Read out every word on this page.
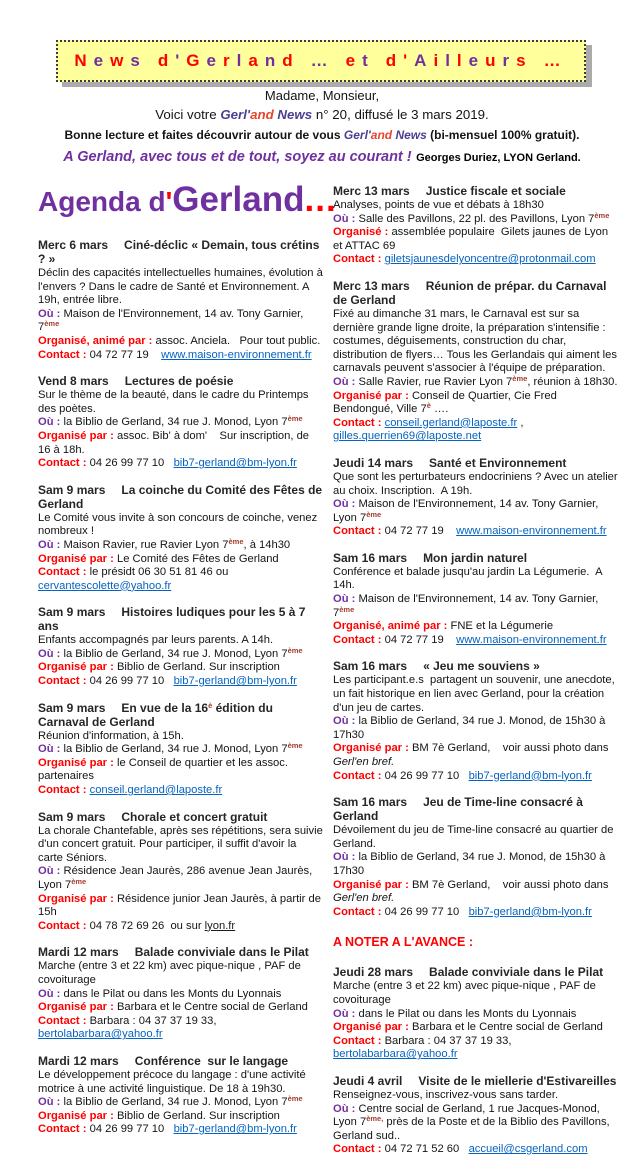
N e w s d ' G e r l a n d … e t d ' A i l l e u r s …
Madame, Monsieur,
Voici votre Gerl'and News n° 20, diffusé le 3 mars 2019.
Bonne lecture et faites découvrir autour de vous Gerl'and News (bi-mensuel 100% gratuit).
A Gerland, avec tous et de tout, soyez au courant ! Georges Duriez, LYON Gerland.
Agenda d'Gerland...
Merc 6 mars Ciné-déclic « Demain, tous crétins ? »
Déclin des capacités intellectuelles humaines, évolution à l'envers ? Dans le cadre de Santé et Environnement. A 19h, entrée libre.
Où : Maison de l'Environnement, 14 av. Tony Garnier, 7ème
Organisé, animé par : assoc. Anciela.   Pour tout public.
Contact : 04 72 77 19    www.maison-environnement.fr
Vend 8 mars Lectures de poésie
Sur le thème de la beauté, dans le cadre du Printemps des poètes.
Où : la Biblio de Gerland, 34 rue J. Monod, Lyon 7ème
Organisé par : assoc. Bib' à dom'    Sur inscription, de 16 à 18h.
Contact : 04 26 99 77 10   bib7-gerland@bm-lyon.fr
Sam 9 mars La coinche du Comité des Fêtes de Gerland
Le Comité vous invite à son concours de coinche, venez nombreux !
Où : Maison Ravier, rue Ravier Lyon 7ème, à 14h30
Organisé par : Le Comité des Fêtes de Gerland
Contact : le présidt 06 30 51 81 46 ou cervantescolette@yahoo.fr
Sam 9 mars Histoires ludiques pour les 5 à 7 ans
Enfants accompagnés par leurs parents. A 14h.
Où : la Biblio de Gerland, 34 rue J. Monod, Lyon 7ème
Organisé par : Biblio de Gerland. Sur inscription
Contact : 04 26 99 77 10   bib7-gerland@bm-lyon.fr
Sam 9 mars En vue de la $16^è$ édition du Carnaval de Gerland
Réunion d'information, à 15h.
Où : la Biblio de Gerland, 34 rue J. Monod, Lyon 7ème
Organisé par : le Conseil de quartier et les assoc. partenaires
Contact : conseil.gerland@laposte.fr
Sam 9 mars Chorale et concert gratuit
La chorale Chantefable, après ses répétitions, sera suivie d'un concert gratuit. Pour participer, il suffit d'avoir la carte Séniors.
Où : Résidence Jean Jaurès, 286 avenue Jean Jaurès, Lyon 7ème
Organisé par : Résidence junior Jean Jaurès, à partir de 15h
Contact : 04 78 72 69 26  ou sur lyon.fr
Mardi 12 mars Balade conviviale dans le Pilat
Marche (entre 3 et 22 km) avec pique-nique , PAF de covoiturage
Où : dans le Pilat ou dans les Monts du Lyonnais
Organisé par : Barbara et le Centre social de Gerland
Contact : Barbara : 04 37 37 19 33, bertolabarbara@yahoo.fr
Mardi 12 mars Conférence  sur le langage
Le développement précoce du langage : d'une activité motrice à une activité linguistique. De 18 à 19h30.
Où : la Biblio de Gerland, 34 rue J. Monod, Lyon 7ème
Organisé par : Biblio de Gerland. Sur inscription
Contact : 04 26 99 77 10   bib7-gerland@bm-lyon.fr
Merc 13 mars Justice fiscale et sociale
Analyses, points de vue et débats à 18h30
Où : Salle des Pavillons, 22 pl. des Pavillons, Lyon 7ème
Organisé : assemblée populaire  Gilets jaunes de Lyon et ATTAC 69
Contact : giletsjaunesdelyoncentre@protonmail.com
Merc 13 mars Réunion de prépar. du Carnaval de Gerland
Fixé au dimanche 31 mars, le Carnaval est sur sa dernière grande ligne droite, la préparation s'intensifie : costumes, déguisements, construction du char, distribution de flyers… Tous les Gerlandais qui aiment les carnavals peuvent s'associer à l'équipe de préparation.
Où : Salle Ravier, rue Ravier Lyon 7ème, réunion à 18h30.
Organisé par : Conseil de Quartier, Cie Fred Bendongué, Ville $7^è$ ….
Contact : conseil.gerland@laposte.fr , gilles.querrien69@laposte.net
Jeudi 14 mars Santé et Environnement
Que sont les perturbateurs endocriniens ? Avec un atelier au choix. Inscription.  A 19h.
Où : Maison de l'Environnement, 14 av. Tony Garnier, Lyon 7ème
Contact : 04 72 77 19    www.maison-environnement.fr
Sam 16 mars Mon jardin naturel
Conférence et balade jusqu'au jardin La Légumerie.  A 14h.
Où : Maison de l'Environnement, 14 av. Tony Garnier, 7ème
Organisé, animé par : FNE et la Légumerie
Contact : 04 72 77 19    www.maison-environnement.fr
Sam 16 mars « Jeu me souviens »
Les participant.e.s  partagent un souvenir, une anecdote, un fait historique en lien avec Gerland, pour la création d'un jeu de cartes.
Où : la Biblio de Gerland, 34 rue J. Monod, de 15h30 à 17h30
Organisé par : BM 7è Gerland,    voir aussi photo dans Gerl'en bref.
Contact : 04 26 99 77 10   bib7-gerland@bm-lyon.fr
Sam 16 mars Jeu de Time-line consacré à Gerland
Dévoilement du jeu de Time-line consacré au quartier de Gerland.
Où : la Biblio de Gerland, 34 rue J. Monod, de 15h30 à 17h30
Organisé par : BM 7è Gerland,    voir aussi photo dans Gerl'en bref.
Contact : 04 26 99 77 10   bib7-gerland@bm-lyon.fr
A NOTER A L'AVANCE :
Jeudi 28 mars Balade conviviale dans le Pilat
Marche (entre 3 et 22 km) avec pique-nique , PAF de covoiturage
Où : dans le Pilat ou dans les Monts du Lyonnais
Organisé par : Barbara et le Centre social de Gerland
Contact : Barbara : 04 37 37 19 33, bertolabarbara@yahoo.fr
Jeudi 4 avril Visite de le miellerie d'Estivareilles
Renseignez-vous, inscrivez-vous sans tarder.
Où : Centre social de Gerland, 1 rue Jacques-Monod, Lyon $7^{ème,}$ près de la Poste et de la Biblio des Pavillons, Gerland sud..
Contact : 04 72 71 52 60   accueil@csgerland.com
